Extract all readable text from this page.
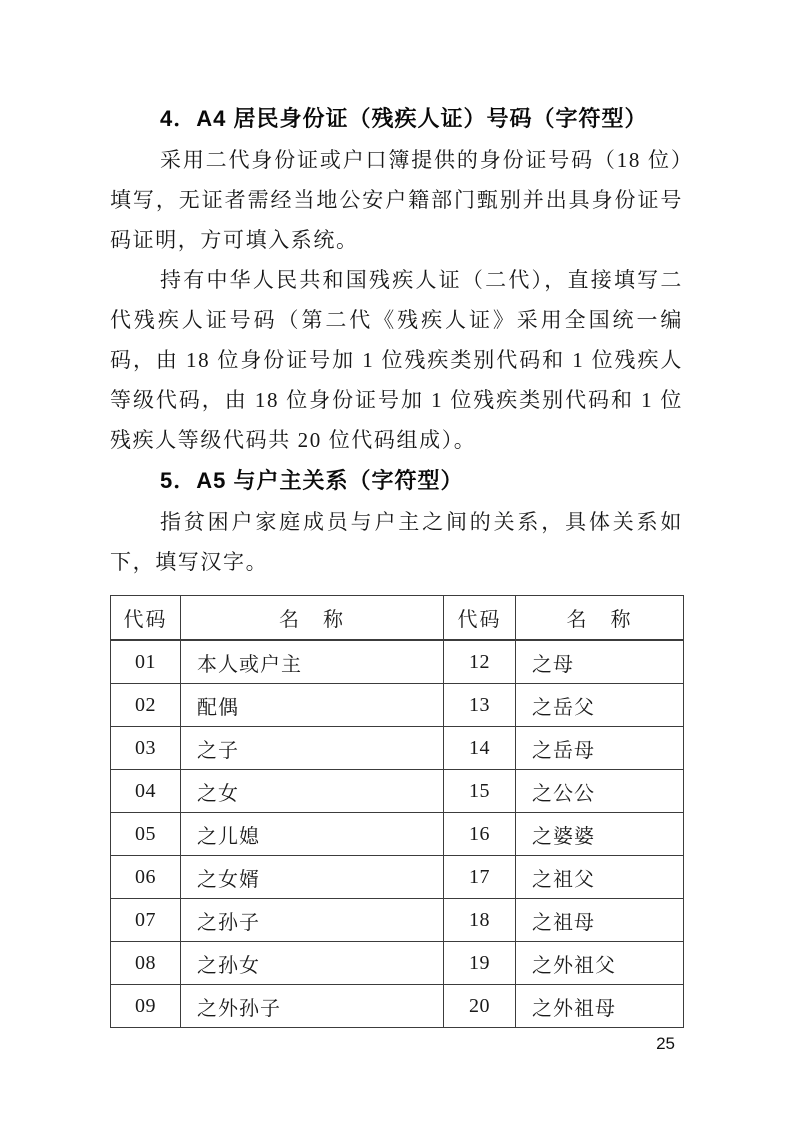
4．A4 居民身份证（残疾人证）号码（字符型）

采用二代身份证或户口簿提供的身份证号码（18 位）填写，无证者需经当地公安户籍部门甄别并出具身份证号码证明，方可填入系统。

持有中华人民共和国残疾人证（二代），直接填写二代残疾人证号码（第二代《残疾人证》采用全国统一编码，由 18 位身份证号加 1 位残疾类别代码和 1 位残疾人等级代码，由 18 位身份证号加 1 位残疾类别代码和 1 位残疾人等级代码共 20 位代码组成）。

5．A5 与户主关系（字符型）

指贫困户家庭成员与户主之间的关系，具体关系如下，填写汉字。

代码	名　称	代码	名　称
01	本人或户主	12	之母
02	配偶	13	之岳父
03	之子	14	之岳母
04	之女	15	之公公
05	之儿媳	16	之婆婆
06	之女婿	17	之祖父
07	之孙子	18	之祖母
08	之孙女	19	之外祖父
09	之外孙子	20	之外祖母
25
